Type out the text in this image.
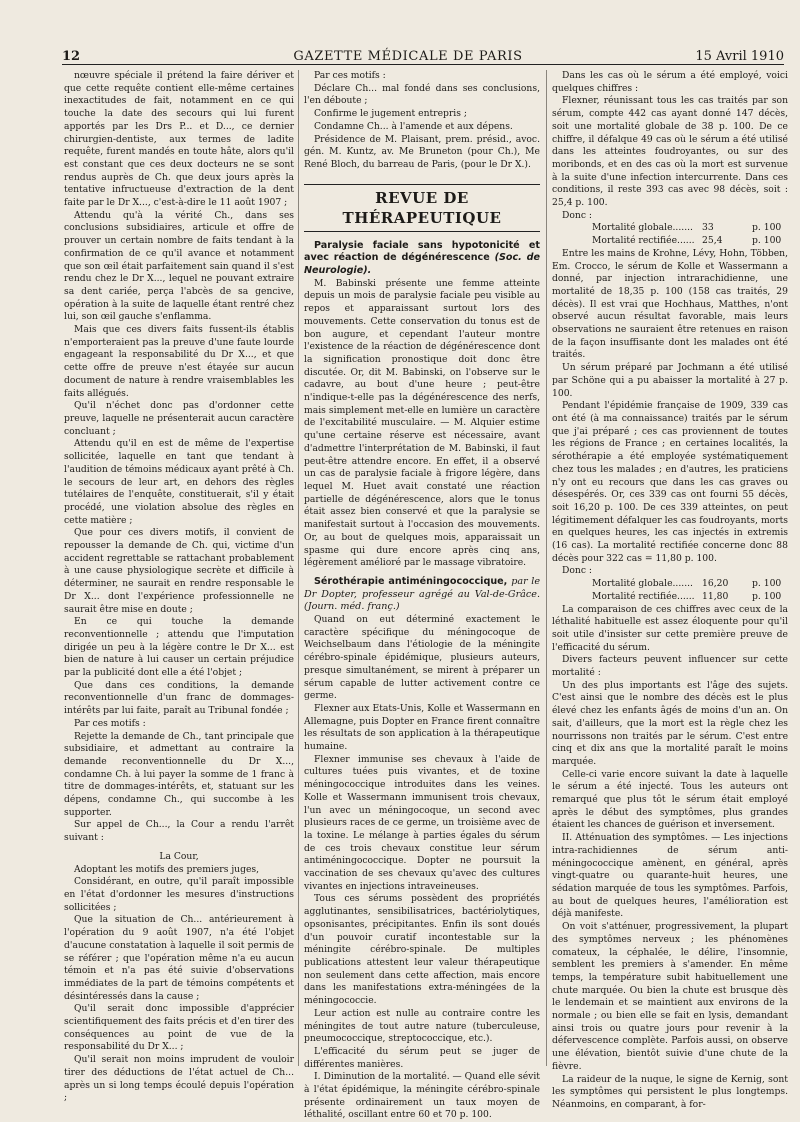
12	GAZETTE MÉDICALE DE PARIS	15 Avril 1910

nœuvre spéciale il prétend la faire dériver et que cette requête contient elle-même certaines inexactitudes de fait, notamment en ce qui touche la date des secours qui lui furent apportés par les Drs P... et D..., ce dernier chirurgien-dentiste, aux termes de ladite requête, furent mandés en toute hâte, alors qu'il est constant que ces deux docteurs ne se sont rendus auprès de Ch. que deux jours après la tentative infructueuse d'extraction de la dent faite par le Dr X..., c'est-à-dire le 11 août 1907 ;

Attendu qu'à la vérité Ch., dans ses conclusions subsidiaires, articule et offre de prouver un certain nombre de faits tendant à la confirmation de ce qu'il avance et notamment que son œil était parfaitement sain quand il s'est rendu chez le Dr X..., lequel ne pouvant extraire sa dent cariée, perça l'abcès de sa gencive, opération à la suite de laquelle étant rentré chez lui, son œil gauche s'enflamma.

Mais que ces divers faits fussent-ils établis n'emporteraient pas la preuve d'une faute lourde engageant la responsabilité du Dr X..., et que cette offre de preuve n'est étayée sur aucun document de nature à rendre vraisemblables les faits allégués.

Qu'il n'échet donc pas d'ordonner cette preuve, laquelle ne présenterait aucun caractère concluant ;

Attendu qu'il en est de même de l'expertise sollicitée, laquelle en tant que tendant à l'audition de témoins médicaux ayant prêté à Ch. le secours de leur art, en dehors des règles tutélaires de l'enquête, constituerait, s'il y était procédé, une violation absolue des règles en cette matière ;

Que pour ces divers motifs, il convient de repousser la demande de Ch. qui, victime d'un accident regrettable se rattachant probablement à une cause physiologique secrète et difficile à déterminer, ne saurait en rendre responsable le Dr X... dont l'expérience professionnelle ne saurait être mise en doute ;

En ce qui touche la demande reconventionnelle ; attendu que l'imputation dirigée un peu à la légère contre le Dr X... est bien de nature à lui causer un certain préjudice par la publicité dont elle a été l'objet ;

Que dans ces conditions, la demande reconventionnelle d'un franc de dommages-intérêts par lui faite, paraît au Tribunal fondée ;

Par ces motifs :

Rejette la demande de Ch., tant principale que subsidiaire, et admettant au contraire la demande reconventionnelle du Dr X..., condamne Ch. à lui payer la somme de 1 franc à titre de dommages-intérêts, et, statuant sur les dépens, condamne Ch., qui succombe à les supporter.

Sur appel de Ch..., la Cour a rendu l'arrêt suivant :

La Cour,

Adoptant les motifs des premiers juges,

Considérant, en outre, qu'il paraît impossible en l'état d'ordonner les mesures d'instructions sollicitées ;

Que la situation de Ch... antérieurement à l'opération du 9 août 1907, n'a été l'objet d'aucune constatation à laquelle il soit permis de se référer ; que l'opération même n'a eu aucun témoin et n'a pas été suivie d'observations immédiates de la part de témoins compétents et désintéressés dans la cause ;

Qu'il serait donc impossible d'apprécier scientifiquement des faits précis et d'en tirer des conséquences au point de vue de la responsabilité du Dr X... ;

Qu'il serait non moins imprudent de vouloir tirer des déductions de l'état actuel de Ch... après un si long temps écoulé depuis l'opération ;

Par ces motifs :

Déclare Ch... mal fondé dans ses conclusions, l'en déboute ;

Confirme le jugement entrepris ;

Condamne Ch... à l'amende et aux dépens.

Présidence de M. Plaisant, prem. présid., avoc. gén. M. Kuntz, av. Me Bruneton (pour Ch.), Me René Bloch, du barreau de Paris, (pour le Dr X.).

REVUE DE THÉRAPEUTIQUE

Paralysie faciale sans hypotonicité et avec réaction de dégénérescence (Soc. de Neurologie).

M. Babinski présente une femme atteinte depuis un mois de paralysie faciale peu visible au repos et apparaissant surtout lors des mouvements. Cette conservation du tonus est de bon augure, et cependant l'auteur montre l'existence de la réaction de dégénérescence dont la signification pronostique doit donc être discutée. Or, dit M. Babinski, on l'observe sur le cadavre, au bout d'une heure ; peut-être n'indique-t-elle pas la dégénérescence des nerfs, mais simplement met-elle en lumière un caractère de l'excitabilité musculaire. — M. Alquier estime qu'une certaine réserve est nécessaire, avant d'admettre l'interprétation de M. Babinski, il faut peut-être attendre encore. En effet, il a observé un cas de paralysie faciale à frigore légère, dans lequel M. Huet avait constaté une réaction partielle de dégénérescence, alors que le tonus était assez bien conservé et que la paralysie se manifestait surtout à l'occasion des mouvements. Or, au bout de quelques mois, apparaissait un spasme qui dure encore après cinq ans, légèrement amélioré par le massage vibratoire.

Sérothérapie antiméningococcique, par le Dr Dopter, professeur agrégé au Val-de-Grâce. (Journ. méd. franç.)

Quand on eut déterminé exactement le caractère spécifique du méningocoque de Weichselbaum dans l'étiologie de la méningite cérébro-spinale épidémique, plusieurs auteurs, presque simultanément, se mirent à préparer un sérum capable de lutter activement contre ce germe.

Flexner aux Etats-Unis, Kolle et Wassermann en Allemagne, puis Dopter en France firent connaître les résultats de son application à la thérapeutique humaine.

Flexner immunise ses chevaux à l'aide de cultures tuées puis vivantes, et de toxine méningococcique introduites dans les veines. Kolle et Wassermann immunisent trois chevaux, l'un avec un méningocoque, un second avec plusieurs races de ce germe, un troisième avec de la toxine. Le mélange à parties égales du sérum de ces trois chevaux constitue leur sérum antiméningococcique. Dopter ne poursuit la vaccination de ses chevaux qu'avec des cultures vivantes en injections intraveineuses.

Tous ces sérums possèdent des propriétés agglutinantes, sensibilisatrices, bactériolytiques, opsonisantes, précipitantes. Enfin ils sont doués d'un pouvoir curatif incontestable sur la méningite cérébro-spinale. De multiples publications attestent leur valeur thérapeutique non seulement dans cette affection, mais encore dans les manifestations extra-méningées de la méningococcie.

Leur action est nulle au contraire contre les méningites de tout autre nature (tuberculeuse, pneumococcique, streptococcique, etc.).

L'efficacité du sérum peut se juger de différentes manières.

I. Diminution de la mortalité. — Quand elle sévit à l'état épidémique, la méningite cérébro-spinale présente ordinairement un taux moyen de léthalité, oscillant entre 60 et 70 p. 100.

Dans les cas où le sérum a été employé, voici quelques chiffres :

Flexner, réunissant tous les cas traités par son sérum, compte 442 cas ayant donné 147 décès, soit une mortalité globale de 38 p. 100. De ce chiffre, il défalque 49 cas où le sérum a été utilisé dans les atteintes foudroyantes, ou sur des moribonds, et en des cas où la mort est survenue à la suite d'une infection intercurrente. Dans ces conditions, il reste 393 cas avec 98 décès, soit : 25,4 p. 100.

Donc :

Mortalité globale....... 33	p. 100
Mortalité rectifiée...... 25,4	p. 100

Entre les mains de Krohne, Lévy, Hohn, Többen, Em. Crocco, le sérum de Kolle et Wassermann a donné, par injection intrarachidienne, une mortalité de 18,35 p. 100 (158 cas traités, 29 décès). Il est vrai que Hochhaus, Matthes, n'ont observé aucun résultat favorable, mais leurs observations ne sauraient être retenues en raison de la façon insuffisante dont les malades ont été traités.

Un sérum préparé par Jochmann a été utilisé par Schöne qui a pu abaisser la mortalité à 27 p. 100.

Pendant l'épidémie française de 1909, 339 cas ont été (à ma connaissance) traités par le sérum que j'ai préparé ; ces cas proviennent de toutes les régions de France ; en certaines localités, la sérothérapie a été employée systématiquement chez tous les malades ; en d'autres, les praticiens n'y ont eu recours que dans les cas graves ou désespérés. Or, ces 339 cas ont fourni 55 décès, soit 16,20 p. 100. De ces 339 atteintes, on peut légitimement défalquer les cas foudroyants, morts en quelques heures, les cas injectés in extremis (16 cas). La mortalité rectifiée concerne donc 88 décès pour 322 cas = 11,80 p. 100.

Donc :

Mortalité globale....... 16,20	p. 100
Mortalité rectifiée...... 11,80	p. 100

La comparaison de ces chiffres avec ceux de la léthalité habituelle est assez éloquente pour qu'il soit utile d'insister sur cette première preuve de l'efficacité du sérum.

Divers facteurs peuvent influencer sur cette mortalité :

Un des plus importants est l'âge des sujets. C'est ainsi que le nombre des décès est le plus élevé chez les enfants âgés de moins d'un an. On sait, d'ailleurs, que la mort est la règle chez les nourrissons non traités par le sérum. C'est entre cinq et dix ans que la mortalité paraît le moins marquée.

Celle-ci varie encore suivant la date à laquelle le sérum a été injecté. Tous les auteurs ont remarqué que plus tôt le sérum était employé après le début des symptômes, plus grandes étaient les chances de guérison et inversement.

II. Atténuation des symptômes. — Les injections intra-rachidiennes de sérum anti-méningococcique amènent, en général, après vingt-quatre ou quarante-huit heures, une sédation marquée de tous les symptômes. Parfois, au bout de quelques heures, l'amélioration est déjà manifeste.

On voit s'atténuer, progressivement, la plupart des symptômes nerveux ; les phénomènes comateux, la céphalée, le délire, l'insomnie, semblent les premiers à s'amender. En même temps, la température subit habituellement une chute marquée. Ou bien la chute est brusque dès le lendemain et se maintient aux environs de la normale ; ou bien elle se fait en lysis, demandant ainsi trois ou quatre jours pour revenir à la défervescence complète. Parfois aussi, on observe une élévation, bientôt suivie d'une chute de la fièvre.

La raideur de la nuque, le signe de Kernig, sont les symptômes qui persistent le plus longtemps. Néanmoins, en comparant, à for-
